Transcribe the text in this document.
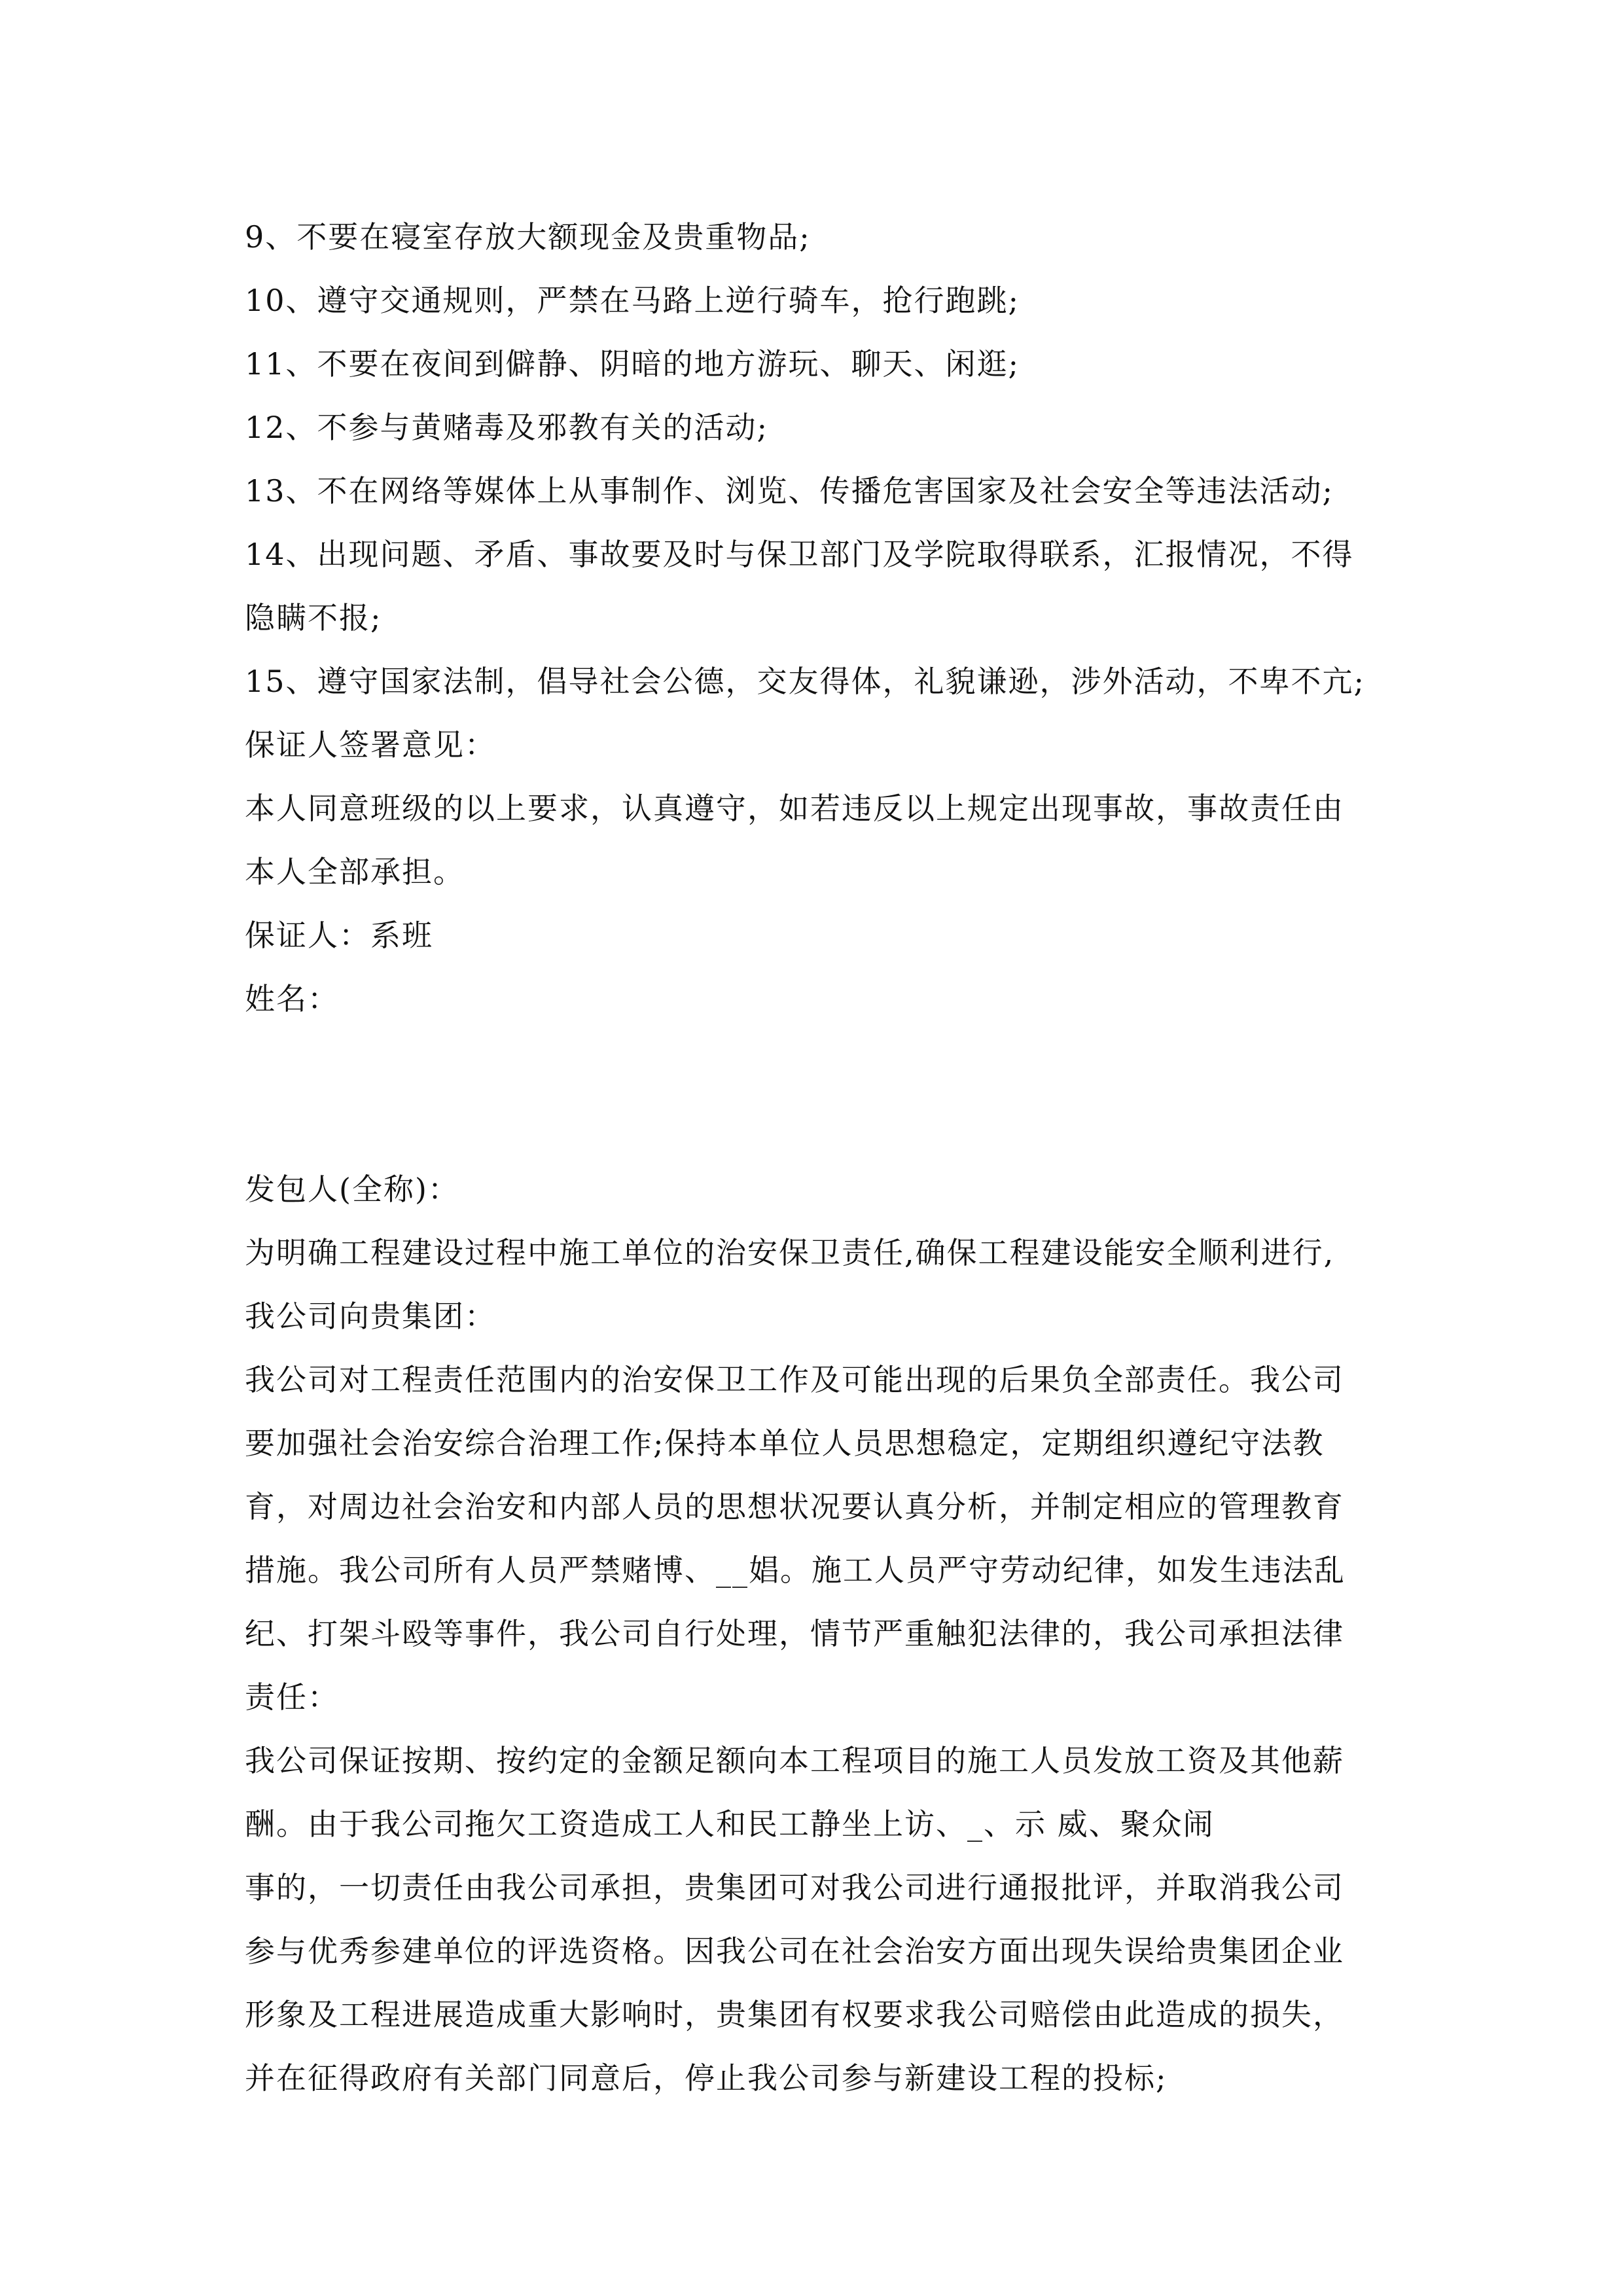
9、不要在寝室存放大额现金及贵重物品;
10、遵守交通规则，严禁在马路上逆行骑车，抢行跑跳;
11、不要在夜间到僻静、阴暗的地方游玩、聊天、闲逛;
12、不参与黄赌毒及邪教有关的活动;
13、不在网络等媒体上从事制作、浏览、传播危害国家及社会安全等违法活动;
14、出现问题、矛盾、事故要及时与保卫部门及学院取得联系，汇报情况，不得
隐瞒不报;
15、遵守国家法制，倡导社会公德，交友得体，礼貌谦逊，涉外活动，不卑不亢;
保证人签署意见：
本人同意班级的以上要求，认真遵守，如若违反以上规定出现事故，事故责任由
本人全部承担。
保证人：系班
姓名：
发包人(全称)：
为明确工程建设过程中施工单位的治安保卫责任,确保工程建设能安全顺利进行,
我公司向贵集团：
我公司对工程责任范围内的治安保卫工作及可能出现的后果负全部责任。我公司
要加强社会治安综合治理工作;保持本单位人员思想稳定，定期组织遵纪守法教
育，对周边社会治安和内部人员的思想状况要认真分析，并制定相应的管理教育
措施。我公司所有人员严禁赌博、__娼。施工人员严守劳动纪律，如发生违法乱
纪、打架斗殴等事件，我公司自行处理，情节严重触犯法律的，我公司承担法律
责任：
我公司保证按期、按约定的金额足额向本工程项目的施工人员发放工资及其他薪
酬。由于我公司拖欠工资造成工人和民工静坐上访、_、示 威、聚众闹
事的，一切责任由我公司承担，贵集团可对我公司进行通报批评，并取消我公司
参与优秀参建单位的评选资格。因我公司在社会治安方面出现失误给贵集团企业
形象及工程进展造成重大影响时，贵集团有权要求我公司赔偿由此造成的损失，
并在征得政府有关部门同意后，停止我公司参与新建设工程的投标;
